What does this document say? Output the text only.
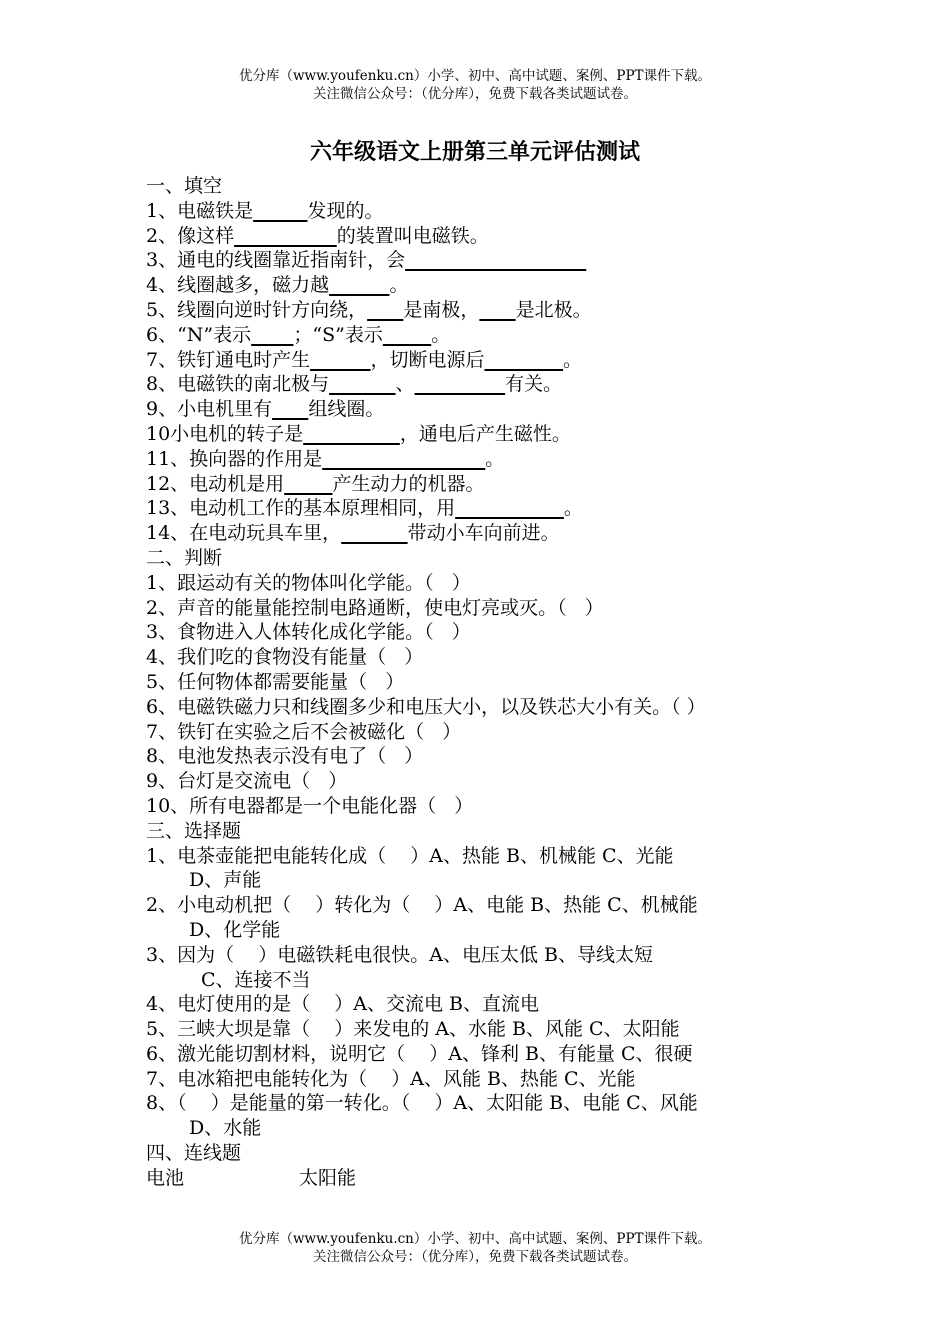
优分库（www.youfenku.cn）小学、初中、高中试题、案例、PPT课件下载。
关注微信公众号：（优分库），免费下载各类试题试卷。
六年级语文上册第三单元评估测试
一、填空
1、电磁铁是	发现的。
2、像这样	的装置叫电磁铁。
3、通电的线圈靠近指南针，会
4、线圈越多，磁力越	。
5、线圈向逆时针方向绕， 是南极， 是北极。
6、“N”表示 ；“S”表示	。
7、铁钉通电时产生	，切断电源后	。
8、电磁铁的南北极与	、	有关。
9、小电机里有 组线圈。
10小电机的转子是	，通电后产生磁性。
11、换向器的作用是	。
12、电动机是用	产生动力的机器。
13、电动机工作的基本原理相同，用	。
14、在电动玩具车里，	带动小车向前进。
二、判断
1、跟运动有关的物体叫化学能。（   ）
2、声音的能量能控制电路通断，使电灯亮或灭。（   ）
3、食物进入人体转化成化学能。（   ）
4、我们吃的食物没有能量（   ）
5、任何物体都需要能量（   ）
6、电磁铁磁力只和线圈多少和电压大小，以及铁芯大小有关。（ ）
7、铁钉在实验之后不会被磁化（   ）
8、电池发热表示没有电了（   ）
9、台灯是交流电（   ）
10、所有电器都是一个电能化器（   ）
三、选择题
1、电茶壶能把电能转化成（    ）A、热能 B、机械能 C、光能
D、声能
2、小电动机把（    ）转化为（    ）A、电能 B、热能 C、机械能
D、化学能
3、因为（    ）电磁铁耗电很快。A、电压太低 B、导线太短
C、连接不当
4、电灯使用的是（    ）A、交流电 B、直流电
5、三峡大坝是靠（    ）来发电的 A、水能 B、风能 C、太阳能
6、激光能切割材料，说明它（    ）A、锋利 B、有能量 C、很硬
7、电冰箱把电能转化为（    ）A、风能 B、热能 C、光能
8、（    ）是能量的第一转化。（    ）A、太阳能 B、电能 C、风能
D、水能
四、连线题
电池	太阳能
优分库（www.youfenku.cn）小学、初中、高中试题、案例、PPT课件下载。
关注微信公众号：（优分库），免费下载各类试题试卷。
